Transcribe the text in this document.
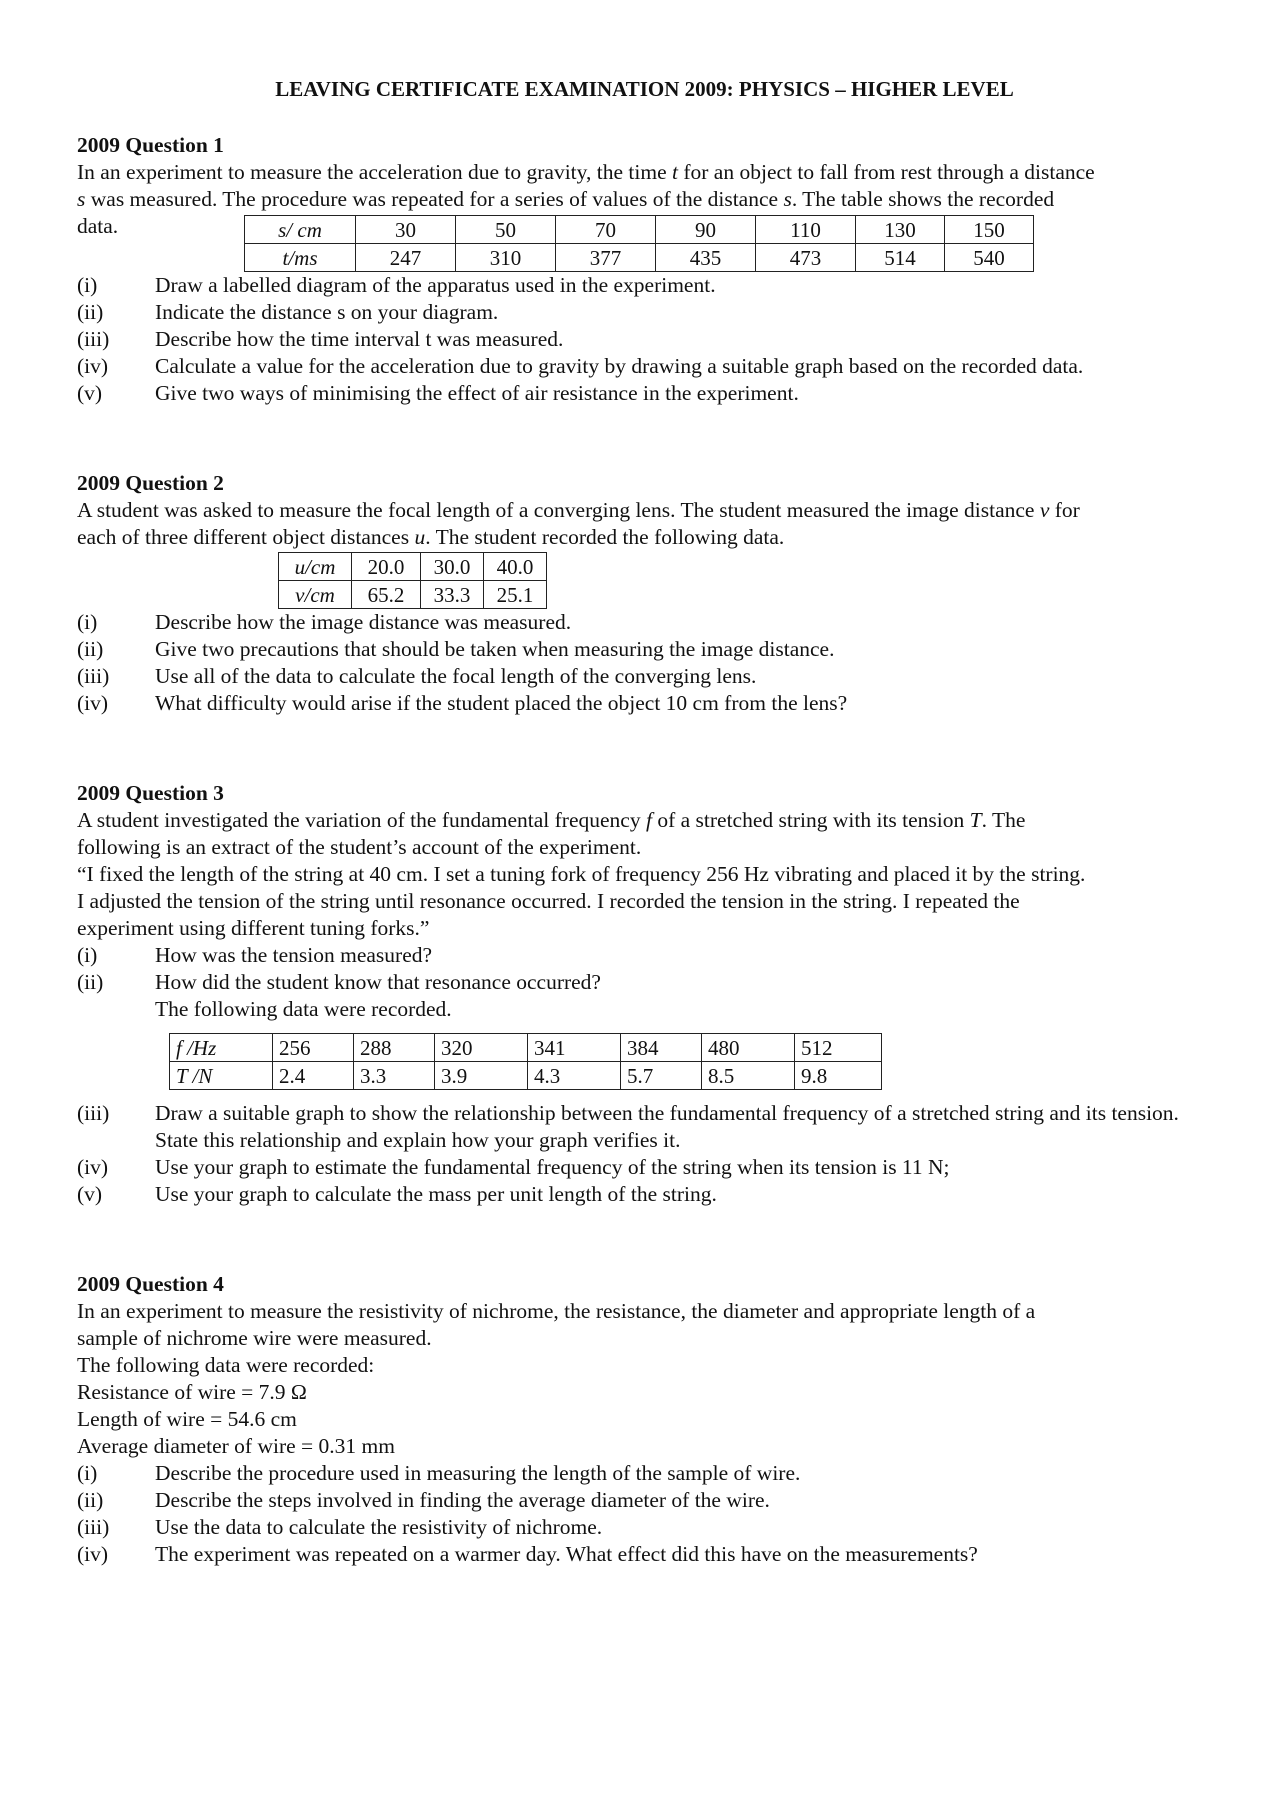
LEAVING CERTIFICATE EXAMINATION 2009: PHYSICS – HIGHER LEVEL

2009 Question 1

In an experiment to measure the acceleration due to gravity, the time t for an object to fall from rest through a distance

s was measured. The procedure was repeated for a series of values of the distance s. The table shows the recorded

data.	s/ cm	30	50	70	90	110	130	150
t/ms	247	310	377	435	473	514	540
(i)	Draw a labelled diagram of the apparatus used in the experiment.
(ii)	Indicate the distance s on your diagram.
(iii)	Describe how the time interval t was measured.
(iv)	Calculate a value for the acceleration due to gravity by drawing a suitable graph based on the recorded data.
(v)	Give two ways of minimising the effect of air resistance in the experiment.

2009 Question 2

A student was asked to measure the focal length of a converging lens. The student measured the image distance v for

each of three different object distances u. The student recorded the following data.

u/cm	20.0	30.0	40.0
v/cm	65.2	33.3	25.1
(i)	Describe how the image distance was measured.
(ii)	Give two precautions that should be taken when measuring the image distance.
(iii)	Use all of the data to calculate the focal length of the converging lens.
(iv)	What difficulty would arise if the student placed the object 10 cm from the lens?

2009 Question 3

A student investigated the variation of the fundamental frequency f of a stretched string with its tension T. The

following is an extract of the student’s account of the experiment.

“I fixed the length of the string at 40 cm. I set a tuning fork of frequency 256 Hz vibrating and placed it by the string.

I adjusted the tension of the string until resonance occurred. I recorded the tension in the string. I repeated the

experiment using different tuning forks.”

(i)	How was the tension measured?
(ii)	How did the student know that resonance occurred?
The following data were recorded.
f /Hz	256	288	320	341	384	480	512
T /N	2.4	3.3	3.9	4.3	5.7	8.5	9.8
(iii)	Draw a suitable graph to show the relationship between the fundamental frequency of a stretched string and its tension. State this relationship and explain how your graph verifies it.
(iv)	Use your graph to estimate the fundamental frequency of the string when its tension is 11 N;
(v)	Use your graph to calculate the mass per unit length of the string.

2009 Question 4

In an experiment to measure the resistivity of nichrome, the resistance, the diameter and appropriate length of a

sample of nichrome wire were measured.

The following data were recorded:

Resistance of wire = 7.9 Ω

Length of wire = 54.6 cm

Average diameter of wire = 0.31 mm

(i)	Describe the procedure used in measuring the length of the sample of wire.
(ii)	Describe the steps involved in finding the average diameter of the wire.
(iii)	Use the data to calculate the resistivity of nichrome.
(iv)	The experiment was repeated on a warmer day. What effect did this have on the measurements?
